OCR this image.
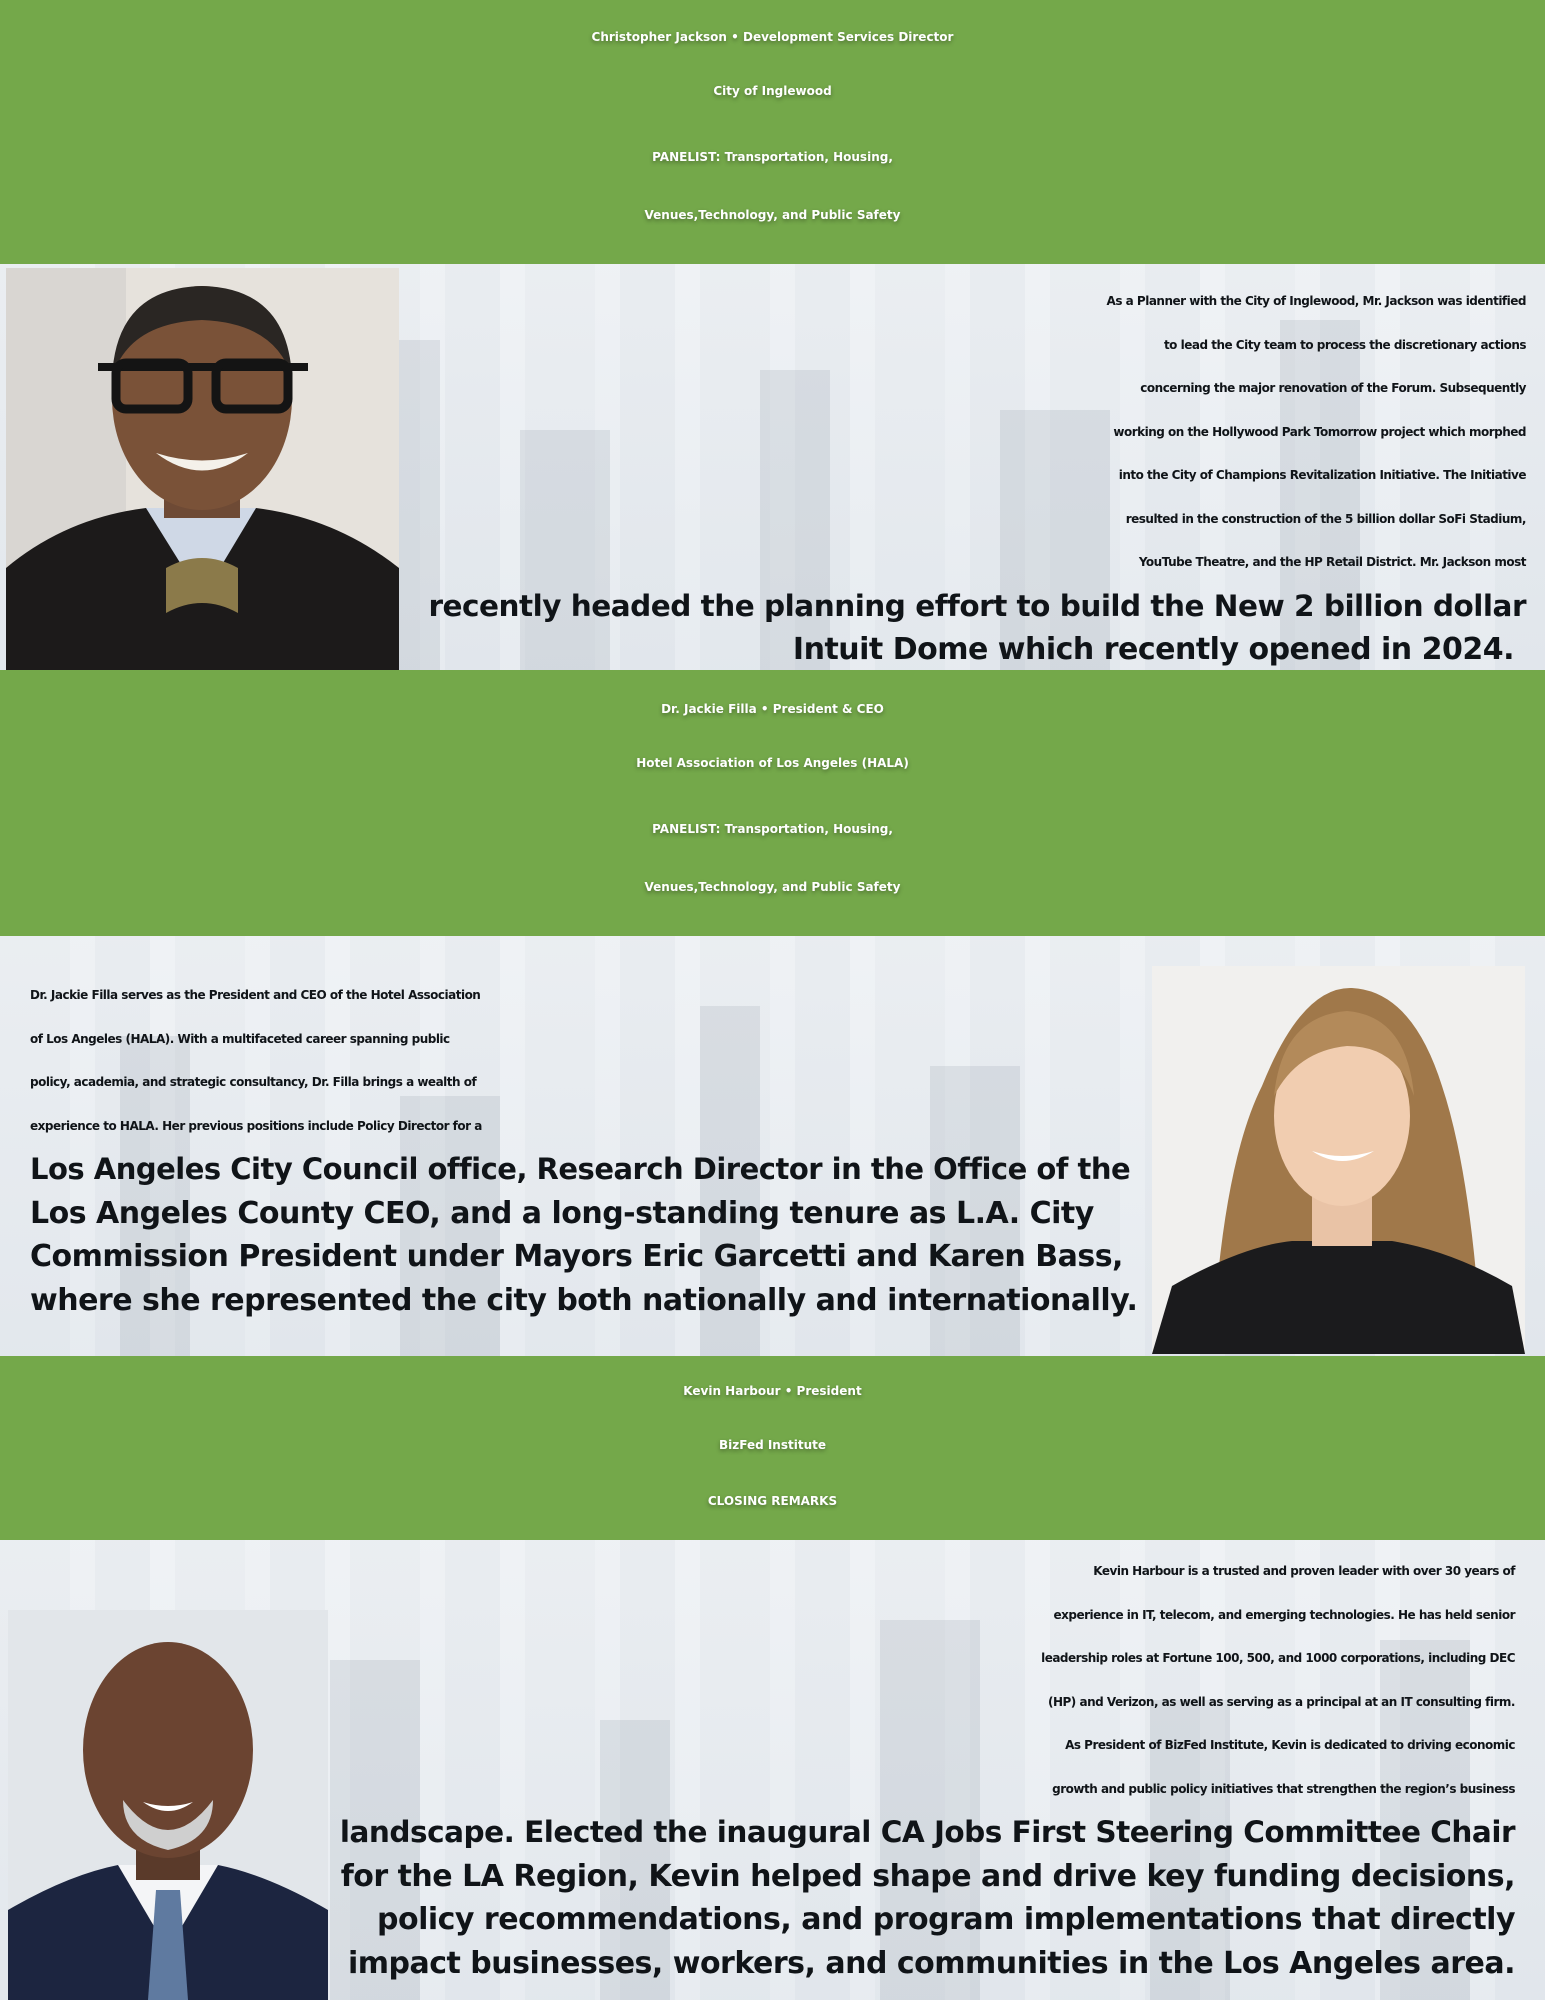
Christopher Jackson • Development Services Director
City of Inglewood
PANELIST: Transportation, Housing,
Venues,Technology, and Public Safety
As a Planner with the City of Inglewood, Mr. Jackson was identified
to lead the City team to process the discretionary actions
concerning the major renovation of the Forum. Subsequently
working on the Hollywood Park Tomorrow project which morphed
into the City of Champions Revitalization Initiative. The Initiative
resulted in the construction of the 5 billion dollar SoFi Stadium,
YouTube Theatre, and the HP Retail District. Mr. Jackson most
recently headed the planning effort to build the New 2 billion dollar
Intuit Dome which recently opened in 2024.
Dr. Jackie Filla • President & CEO
Hotel Association of Los Angeles (HALA)
PANELIST: Transportation, Housing,
Venues,Technology, and Public Safety
Dr. Jackie Filla serves as the President and CEO of the Hotel Association
of Los Angeles (HALA). With a multifaceted career spanning public
policy, academia, and strategic consultancy, Dr. Filla brings a wealth of
experience to HALA. Her previous positions include Policy Director for a
Los Angeles City Council office, Research Director in the Office of the
Los Angeles County CEO, and a long-standing tenure as L.A. City
Commission President under Mayors Eric Garcetti and Karen Bass,
where she represented the city both nationally and internationally.
Kevin Harbour • President
BizFed Institute
CLOSING REMARKS
Kevin Harbour is a trusted and proven leader with over 30 years of
experience in IT, telecom, and emerging technologies. He has held senior
leadership roles at Fortune 100, 500, and 1000 corporations, including DEC
(HP) and Verizon, as well as serving as a principal at an IT consulting firm.
As President of BizFed Institute, Kevin is dedicated to driving economic
growth and public policy initiatives that strengthen the region’s business
landscape. Elected the inaugural CA Jobs First Steering Committee Chair
for the LA Region, Kevin helped shape and drive key funding decisions,
policy recommendations, and program implementations that directly
impact businesses, workers, and communities in the Los Angeles area.
